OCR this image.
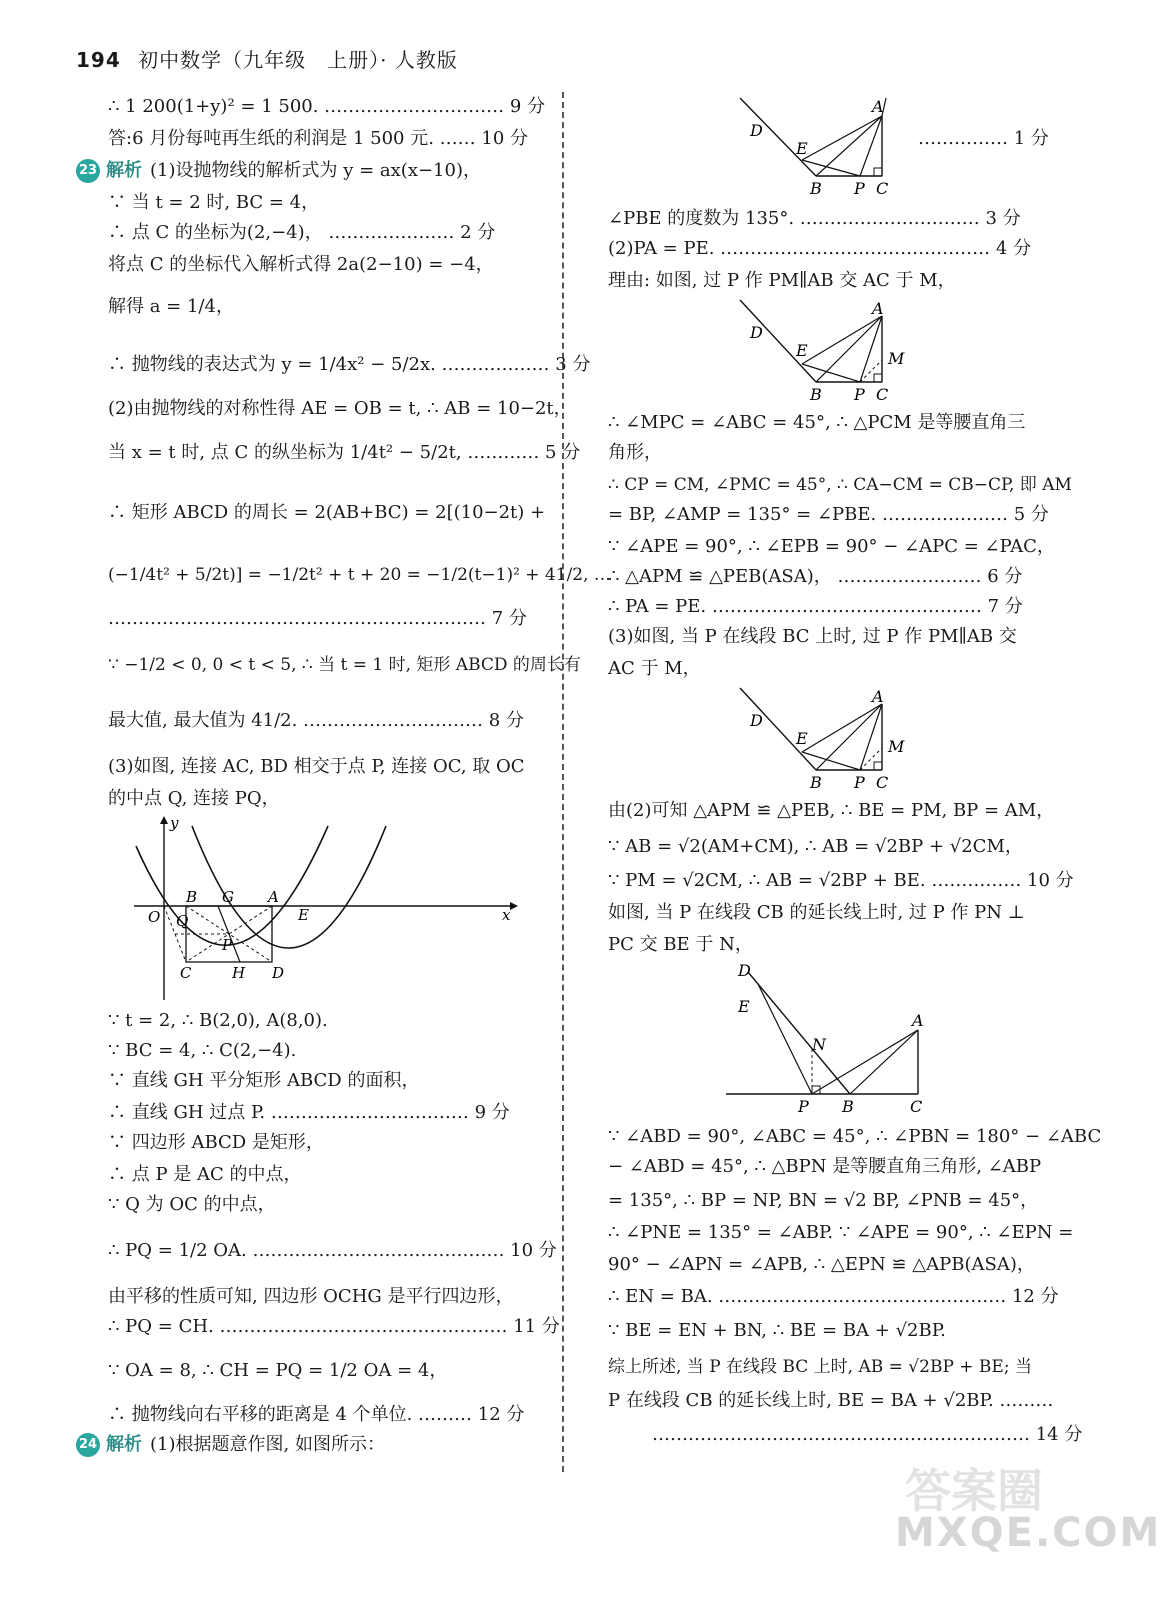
194 初中数学（九年级　上册）· 人教版
∴ 1 200(1+y)² = 1 500. ………………………… 9 分
答:6 月份每吨再生纸的利润是 1 500 元. …… 10 分
23 解析 (1)设抛物线的解析式为 y = ax(x−10)，
∵ 当 t = 2 时, BC = 4，
∴ 点 C 的坐标为(2,−4)， ………………… 2 分
将点 C 的坐标代入解析式得 2a(2−10) = −4，
解得 a = 1/4，
∴ 抛物线的表达式为 y = 1/4x² − 5/2x. ……………… 3 分
(2)由抛物线的对称性得 AE = OB = t, ∴ AB = 10−2t，
当 x = t 时, 点 C 的纵坐标为 1/4t² − 5/2t, ………… 5 分
∴ 矩形 ABCD 的周长 = 2(AB+BC) = 2[(10−2t) +
(−1/4t² + 5/2t)] = −1/2t² + t + 20 = −1/2(t−1)² + 41/2, …
……………………………………………………… 7 分
∵ −1/2 < 0, 0 < t < 5, ∴ 当 t = 1 时, 矩形 ABCD 的周长有
最大值, 最大值为 41/2. ………………………… 8 分
(3)如图, 连接 AC, BD 相交于点 P, 连接 OC, 取 OC
的中点 Q, 连接 PQ，
y
x
O
B G A
E
Q
P
C	H D
∵ t = 2, ∴ B(2,0), A(8,0).
∵ BC = 4, ∴ C(2,−4).
∵ 直线 GH 平分矩形 ABCD 的面积，
∴ 直线 GH 过点 P. …………………………… 9 分
∵ 四边形 ABCD 是矩形，
∴ 点 P 是 AC 的中点，
∵ Q 为 OC 的中点，
∴ PQ = 1/2 OA. …………………………………… 10 分
由平移的性质可知, 四边形 OCHG 是平行四边形，
∴ PQ = CH. ………………………………………… 11 分
∵ OA = 8, ∴ CH = PQ = 1/2 OA = 4，
∴ 抛物线向右平移的距离是 4 个单位. ……… 12 分
24 解析 (1)根据题意作图, 如图所示：
D
E
A
B P C
…………… 1 分
∠PBE 的度数为 135°. ………………………… 3 分
(2)PA = PE. ……………………………………… 4 分
理由: 如图, 过 P 作 PM∥AB 交 AC 于 M，
D
E
A
M
B P C
∴ ∠MPC = ∠ABC = 45°, ∴ △PCM 是等腰直角三
角形，
∴ CP = CM, ∠PMC = 45°, ∴ CA−CM = CB−CP, 即 AM
= BP, ∠AMP = 135° = ∠PBE. ………………… 5 分
∵ ∠APE = 90°, ∴ ∠EPB = 90° − ∠APC = ∠PAC，
∴ △APM ≌ △PEB(ASA)， …………………… 6 分
∴ PA = PE. ……………………………………… 7 分
(3)如图, 当 P 在线段 BC 上时, 过 P 作 PM∥AB 交
AC 于 M，
D
E
A
M
B P C
由(2)可知 △APM ≌ △PEB, ∴ BE = PM, BP = AM，
∵ AB = √2(AM+CM), ∴ AB = √2BP + √2CM，
∵ PM = √2CM, ∴ AB = √2BP + BE. …………… 10 分
如图, 当 P 在线段 CB 的延长线上时, 过 P 作 PN ⊥
PC 交 BE 于 N，
D
E
N
A
P B	C
∵ ∠ABD = 90°, ∠ABC = 45°, ∴ ∠PBN = 180° − ∠ABC
− ∠ABD = 45°, ∴ △BPN 是等腰直角三角形, ∠ABP
= 135°, ∴ BP = NP, BN = √2 BP, ∠PNB = 45°，
∴ ∠PNE = 135° = ∠ABP. ∵ ∠APE = 90°, ∴ ∠EPN =
90° − ∠APN = ∠APB, ∴ △EPN ≌ △APB(ASA)，
∴ EN = BA. ………………………………………… 12 分
∵ BE = EN + BN, ∴ BE = BA + √2BP.
综上所述, 当 P 在线段 BC 上时, AB = √2BP + BE; 当
P 在线段 CB 的延长线上时, BE = BA + √2BP. ………
……………………………………………………… 14 分
答案圈
MXQE.COM
